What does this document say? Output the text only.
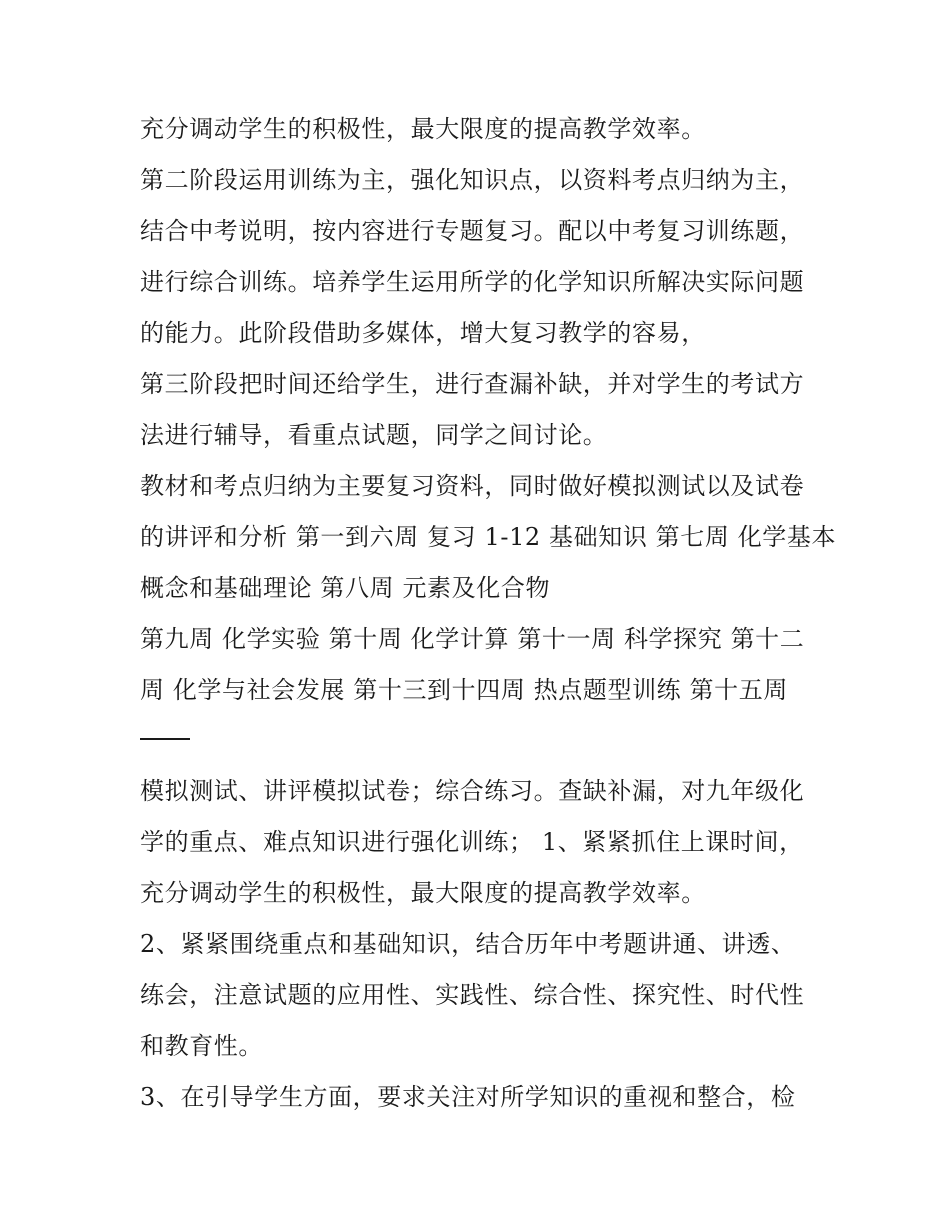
充分调动学生的积极性，最大限度的提高教学效率。
第二阶段运用训练为主，强化知识点，以资料考点归纳为主，
结合中考说明，按内容进行专题复习。配以中考复习训练题，
进行综合训练。培养学生运用所学的化学知识所解决实际问题
的能力。此阶段借助多媒体，增大复习教学的容易，
第三阶段把时间还给学生，进行查漏补缺，并对学生的考试方
法进行辅导，看重点试题，同学之间讨论。
教材和考点归纳为主要复习资料，同时做好模拟测试以及试卷
的讲评和分析 第一到六周 复习 1-12 基础知识 第七周 化学基本
概念和基础理论 第八周 元素及化合物
第九周 化学实验 第十周 化学计算 第十一周 科学探究 第十二
周 化学与社会发展 第十三到十四周 热点题型训练 第十五周
模拟测试、讲评模拟试卷；综合练习。查缺补漏，对九年级化
学的重点、难点知识进行强化训练； 1、紧紧抓住上课时间，
充分调动学生的积极性，最大限度的提高教学效率。
2、紧紧围绕重点和基础知识，结合历年中考题讲通、讲透、
练会，注意试题的应用性、实践性、综合性、探究性、时代性
和教育性。
3、在引导学生方面，要求关注对所学知识的重视和整合，检
